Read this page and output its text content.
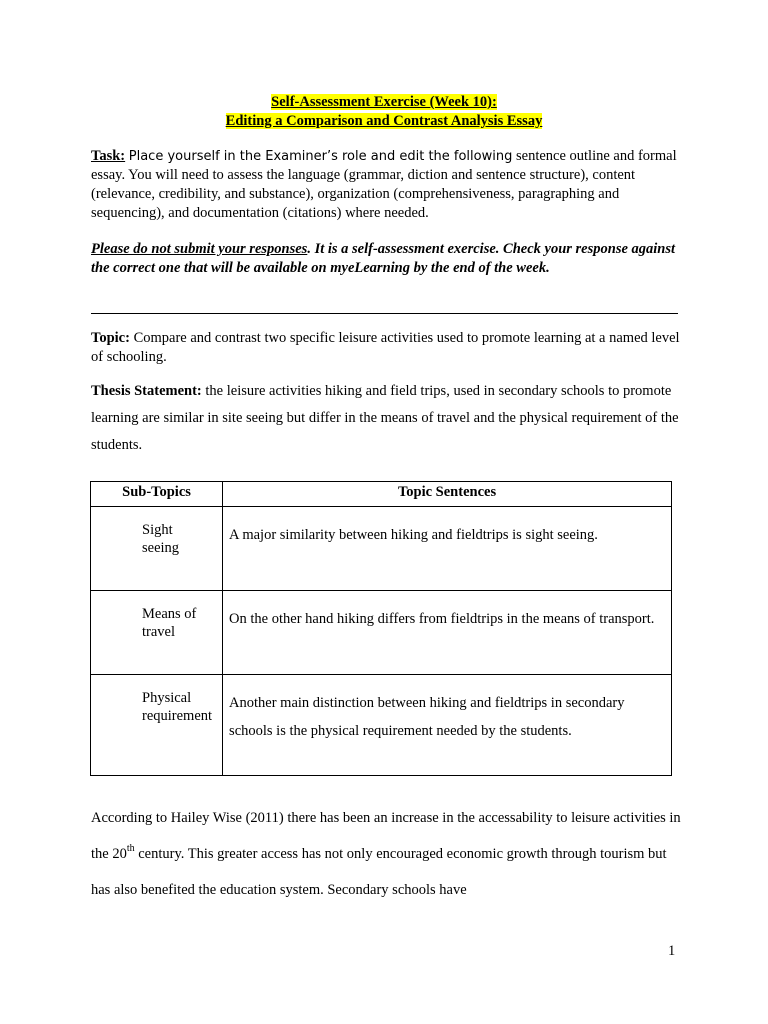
Self-Assessment Exercise (Week 10):
Editing a Comparison and Contrast Analysis Essay
Task: Place yourself in the Examiner’s role and edit the following sentence outline and formal essay. You will need to assess the language (grammar, diction and sentence structure), content (relevance, credibility, and substance), organization (comprehensiveness, paragraphing and sequencing), and documentation (citations) where needed.
Please do not submit your responses. It is a self-assessment exercise. Check your response against the correct one that will be available on myeLearning by the end of the week.
Topic: Compare and contrast two specific leisure activities used to promote learning at a named level of schooling.
Thesis Statement: the leisure activities hiking and field trips, used in secondary schools to promote learning are similar in site seeing but differ in the means of travel and the physical requirement of the students.
Sub-Topics	Topic Sentences
Sight seeing	A major similarity between hiking and fieldtrips is sight seeing.
Means of travel	On the other hand hiking differs from fieldtrips in the means of transport.
Physical requirement	Another main distinction between hiking and fieldtrips in secondary schools is the physical requirement needed by the students.
According to Hailey Wise (2011) there has been an increase in the accessability to leisure activities in the 20th century. This greater access has not only encouraged economic growth through tourism but has also benefited the education system. Secondary schools have
1
